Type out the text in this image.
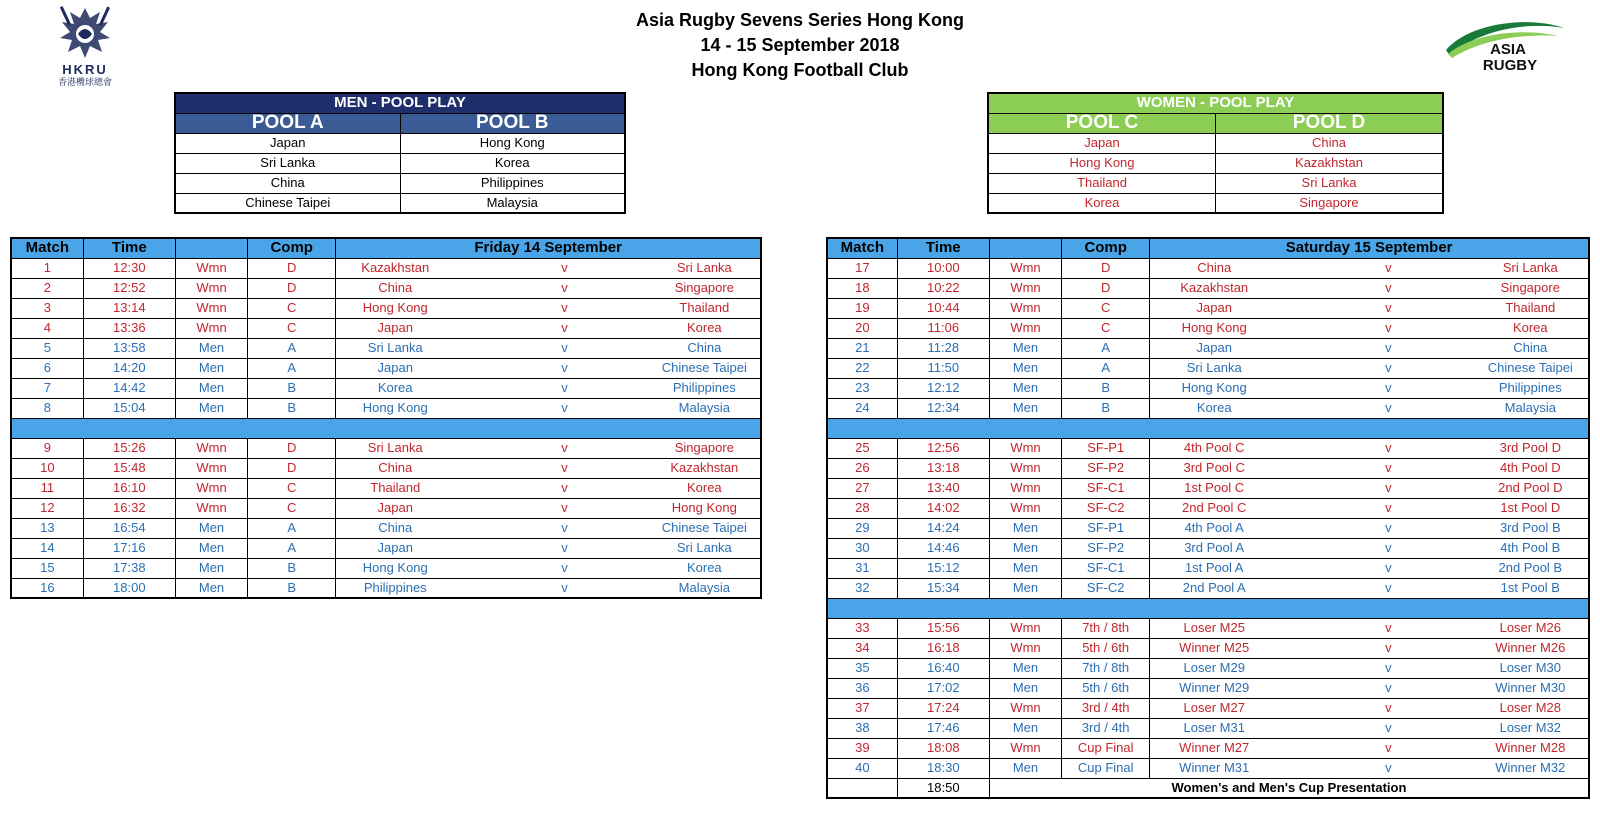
Asia Rugby Sevens Series Hong Kong
14 - 15 September 2018
Hong Kong Football Club
HKRU
香港欖球總會
ASIA
RUGBY
MEN - POOL PLAY	
POOL A	POOL B
Japan	Hong Kong
Sri Lanka	Korea
China	Philippines
Chinese Taipei	Malaysia
WOMEN - POOL PLAY	
POOL C	POOL D
Japan	China
Hong Kong	Kazakhstan
Thailand	Sri Lanka
Korea	Singapore
Match	Time		Comp	Friday 14 September				
1	12:30	Wmn	D	Kazakhstan		v		Sri Lanka
2	12:52	Wmn	D	China		v		Singapore
3	13:14	Wmn	C	Hong Kong		v		Thailand
4	13:36	Wmn	C	Japan		v		Korea
5	13:58	Men	A	Sri Lanka		v		China
6	14:20	Men	A	Japan		v		Chinese Taipei
7	14:42	Men	B	Korea		v		Philippines
8	15:04	Men	B	Hong Kong		v		Malaysia

9	15:26	Wmn	D	Sri Lanka		v		Singapore
10	15:48	Wmn	D	China		v		Kazakhstan
11	16:10	Wmn	C	Thailand		v		Korea
12	16:32	Wmn	C	Japan		v		Hong Kong
13	16:54	Men	A	China		v		Chinese Taipei
14	17:16	Men	A	Japan		v		Sri Lanka
15	17:38	Men	B	Hong Kong		v		Korea
16	18:00	Men	B	Philippines		v		Malaysia
Match	Time		Comp	Saturday 15 September				
17	10:00	Wmn	D	China		v		Sri Lanka
18	10:22	Wmn	D	Kazakhstan		v		Singapore
19	10:44	Wmn	C	Japan		v		Thailand
20	11:06	Wmn	C	Hong Kong		v		Korea
21	11:28	Men	A	Japan		v		China
22	11:50	Men	A	Sri Lanka		v		Chinese Taipei
23	12:12	Men	B	Hong Kong		v		Philippines
24	12:34	Men	B	Korea		v		Malaysia

25	12:56	Wmn	SF-P1	4th Pool C		v		3rd Pool D
26	13:18	Wmn	SF-P2	3rd Pool C		v		4th Pool D
27	13:40	Wmn	SF-C1	1st Pool C		v		2nd Pool D
28	14:02	Wmn	SF-C2	2nd Pool C		v		1st Pool D
29	14:24	Men	SF-P1	4th Pool A		v		3rd Pool B
30	14:46	Men	SF-P2	3rd Pool A		v		4th Pool B
31	15:12	Men	SF-C1	1st Pool A		v		2nd Pool B
32	15:34	Men	SF-C2	2nd Pool A		v		1st Pool B

33	15:56	Wmn	7th / 8th	Loser M25		v		Loser M26
34	16:18	Wmn	5th / 6th	Winner M25		v		Winner M26
35	16:40	Men	7th / 8th	Loser M29		v		Loser M30
36	17:02	Men	5th / 6th	Winner M29		v		Winner M30
37	17:24	Wmn	3rd / 4th	Loser M27		v		Loser M28
38	17:46	Men	3rd / 4th	Loser M31		v		Loser M32
39	18:08	Wmn	Cup Final	Winner M27		v		Winner M28
40	18:30	Men	Cup Final	Winner M31		v		Winner M32
	18:50	Women's and Men's Cup Presentation						
